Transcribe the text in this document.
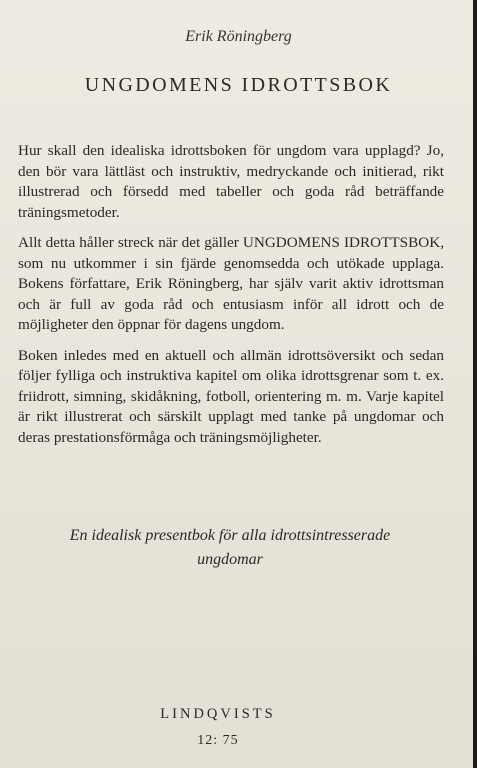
Erik Röningberg
UNGDOMENS IDROTTSBOK

Hur skall den idealiska idrottsboken för ungdom vara upplagd? Jo, den bör vara lättläst och instruktiv, medryckande och initierad, rikt illustrerad och försedd med tabeller och goda råd beträffande träningsmetoder.

Allt detta håller streck när det gäller UNGDOMENS IDROTTSBOK, som nu utkommer i sin fjärde genomsedda och utökade upplaga. Bokens författare, Erik Röningberg, har själv varit aktiv idrottsman och är full av goda råd och entusiasm inför all idrott och de möjligheter den öppnar för dagens ungdom.

Boken inledes med en aktuell och allmän idrottsöversikt och sedan följer fylliga och instruktiva kapitel om olika idrottsgrenar som t. ex. friidrott, simning, skidåkning, fotboll, orientering m. m. Varje kapitel är rikt illustrerat och särskilt upplagt med tanke på ungdomar och deras prestationsförmåga och träningsmöjligheter.

En idealisk presentbok för alla idrottsintresserade
ungdomar
LINDQVISTS
12: 75
